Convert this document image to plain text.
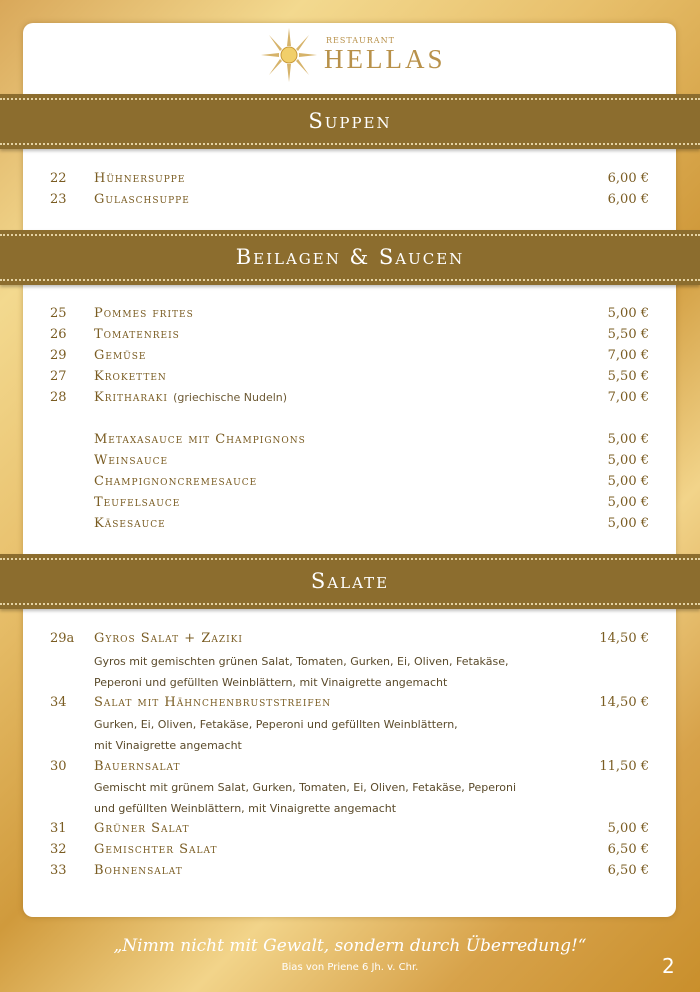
RESTAURANT
HELLAS
Suppen
22 Hühnersuppe	6,00 €
23 Gulaschsuppe	6,00 €
Beilagen & Saucen
25 Pommes frites	5,00 €
26 Tomatenreis	5,50 €
29 Gemüse	7,00 €
27 Kroketten	5,50 €
28 Kritharaki (griechische Nudeln)	7,00 €
Metaxasauce mit Champignons	5,00 €
Weinsauce	5,00 €
Champignoncremesauce	5,00 €
Teufelsauce	5,00 €
Käsesauce	5,00 €
Salate
29a Gyros Salat + Zaziki	14,50 €
Gyros mit gemischten grünen Salat, Tomaten, Gurken, Ei, Oliven, Fetakäse,
Peperoni und gefüllten Weinblättern, mit Vinaigrette angemacht
34 Salat mit Hähnchenbruststreifen	14,50 €
Gurken, Ei, Oliven, Fetakäse, Peperoni und gefüllten Weinblättern,
mit Vinaigrette angemacht
30 Bauernsalat	11,50 €
Gemischt mit grünem Salat, Gurken, Tomaten, Ei, Oliven, Fetakäse, Peperoni
und gefüllten Weinblättern, mit Vinaigrette angemacht
31 Grüner Salat	5,00 €
32 Gemischter Salat	6,50 €
33 Bohnensalat	6,50 €
„Nimm nicht mit Gewalt, sondern durch Überredung!“
Bias von Priene 6 Jh. v. Chr.	2
